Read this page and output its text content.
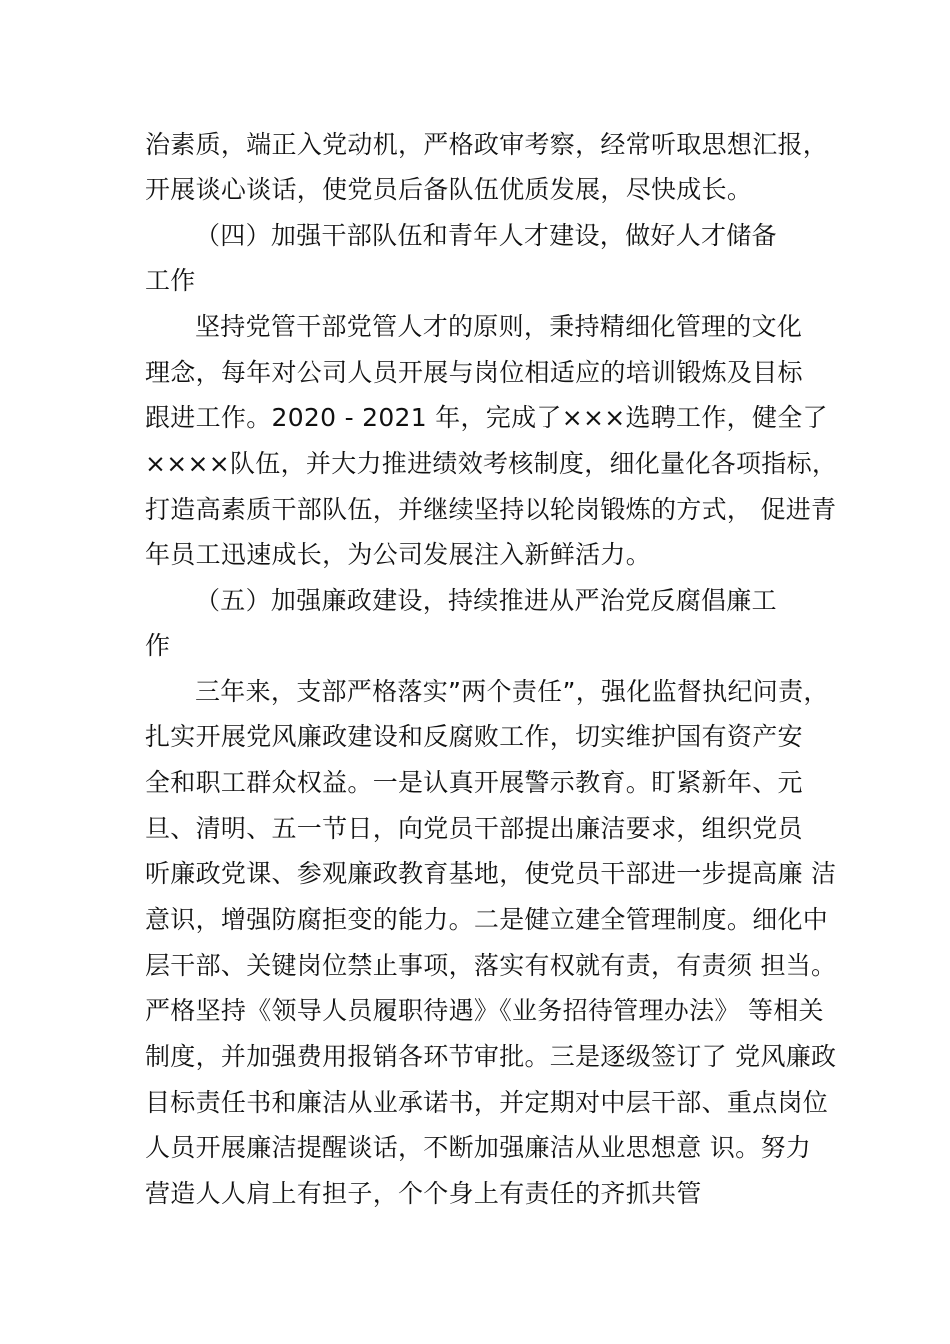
治素质，端正入党动机，严格政审考察，经常听取思想汇报，
开展谈心谈话，使党员后备队伍优质发展，尽快成长。
（四）加强干部队伍和青年人才建设，做好人才储备
工作
坚持党管干部党管人才的原则，秉持精细化管理的文化
理念，每年对公司人员开展与岗位相适应的培训锻炼及目标
跟进工作。2020 - 2021 年，完成了×××选聘工作，健全了
××××队伍，并大力推进绩效考核制度，细化量化各项指标，
打造高素质干部队伍，并继续坚持以轮岗锻炼的方式， 促进青
年员工迅速成长，为公司发展注入新鲜活力。
（五）加强廉政建设，持续推进从严治党反腐倡廉工
作
三年来，支部严格落实”两个责任”，强化监督执纪问责，
扎实开展党风廉政建设和反腐败工作，切实维护国有资产安
全和职工群众权益。一是认真开展警示教育。盯紧新年、元
旦、清明、五一节日，向党员干部提出廉洁要求，组织党员
听廉政党课、参观廉政教育基地，使党员干部进一步提高廉 洁
意识，增强防腐拒变的能力。二是健立建全管理制度。细化中
层干部、关键岗位禁止事项，落实有权就有责，有责须 担当。
严格坚持《领导人员履职待遇》《业务招待管理办法》 等相关
制度，并加强费用报销各环节审批。三是逐级签订了 党风廉政
目标责任书和廉洁从业承诺书，并定期对中层干部、重点岗位
人员开展廉洁提醒谈话，不断加强廉洁从业思想意 识。努力
营造人人肩上有担子，个个身上有责任的齐抓共管
